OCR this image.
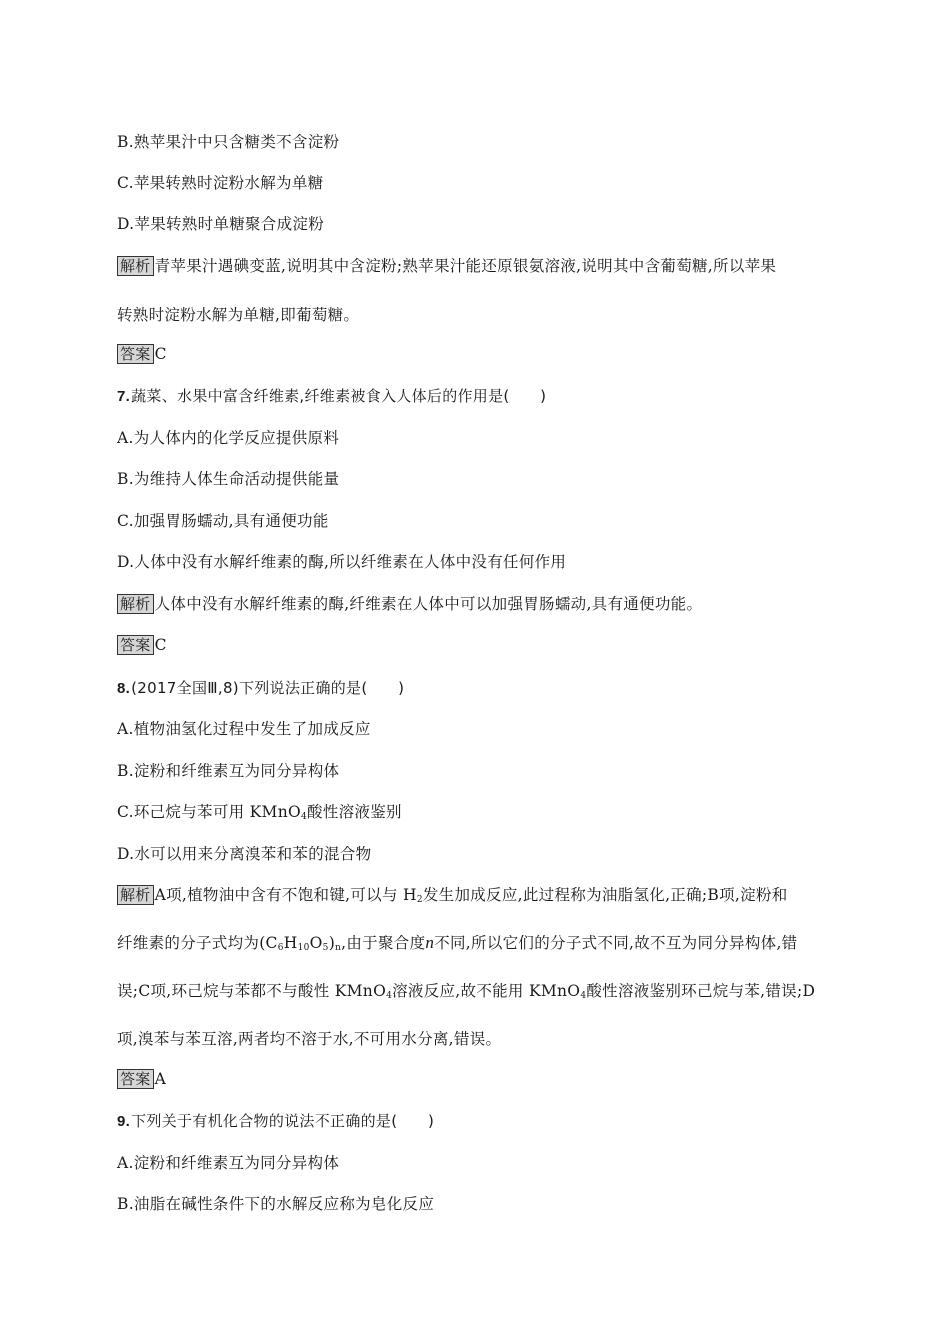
B.熟苹果汁中只含糖类不含淀粉
C.苹果转熟时淀粉水解为单糖
D.苹果转熟时单糖聚合成淀粉
解析 青苹果汁遇碘变蓝,说明其中含淀粉;熟苹果汁能还原银氨溶液,说明其中含葡萄糖,所以苹果
转熟时淀粉水解为单糖,即葡萄糖。
答案 C
7.蔬菜、水果中富含纤维素,纤维素被食入人体后的作用是(　　)
A.为人体内的化学反应提供原料
B.为维持人体生命活动提供能量
C.加强胃肠蠕动,具有通便功能
D.人体中没有水解纤维素的酶,所以纤维素在人体中没有任何作用
解析 人体中没有水解纤维素的酶,纤维素在人体中可以加强胃肠蠕动,具有通便功能。
答案 C
8.(2017全国Ⅲ,8)下列说法正确的是(　　)
A.植物油氢化过程中发生了加成反应
B.淀粉和纤维素互为同分异构体
C.环己烷与苯可用 KMnO$_4$酸性溶液鉴别
D.水可以用来分离溴苯和苯的混合物
解析 A项,植物油中含有不饱和键,可以与 $H_2$发生加成反应,此过程称为油脂氢化,正确;B项,淀粉和
纤维素的分子式均为$(C_6H_{10}O_5)_n$,由于聚合度n不同,所以它们的分子式不同,故不互为同分异构体,错
误;C项,环己烷与苯都不与酸性 KMnO$_4$溶液反应,故不能用 KMnO$_4$酸性溶液鉴别环己烷与苯,错误;D
项,溴苯与苯互溶,两者均不溶于水,不可用水分离,错误。
答案 A
9.下列关于有机化合物的说法不正确的是(　　)
A.淀粉和纤维素互为同分异构体
B.油脂在碱性条件下的水解反应称为皂化反应
